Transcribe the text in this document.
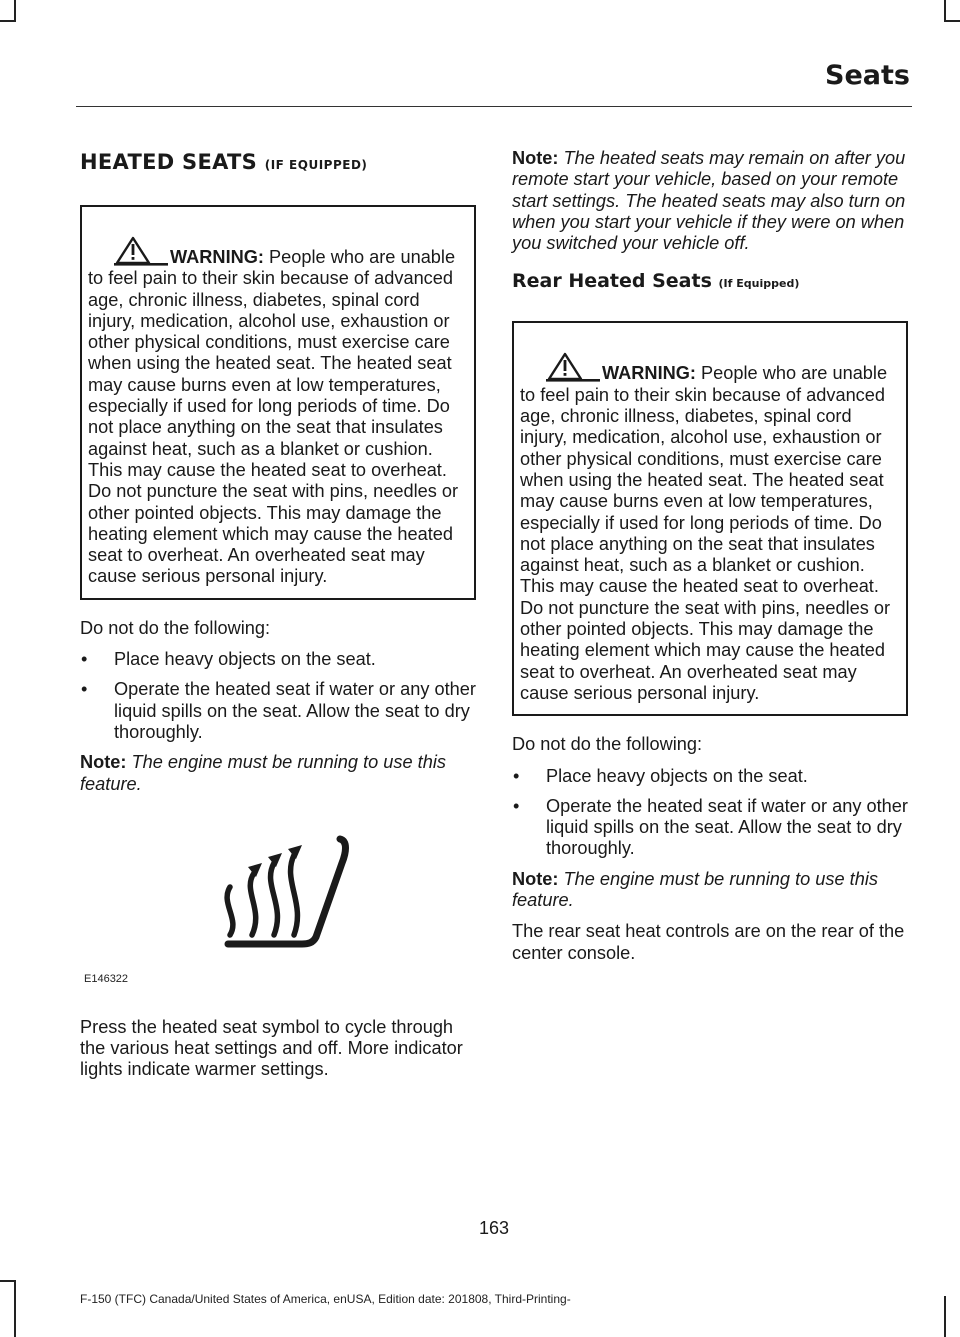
Seats
HEATED SEATS (IF EQUIPPED)
WARNING: People who are unable to feel pain to their skin because of advanced age, chronic illness, diabetes, spinal cord injury, medication, alcohol use, exhaustion or other physical conditions, must exercise care when using the heated seat. The heated seat may cause burns even at low temperatures, especially if used for long periods of time. Do not place anything on the seat that insulates against heat, such as a blanket or cushion. This may cause the heated seat to overheat. Do not puncture the seat with pins, needles or other pointed objects. This may damage the heating element which may cause the heated seat to overheat. An overheated seat may cause serious personal injury.

Do not do the following:

• Place heavy objects on the seat.
• Operate the heated seat if water or any other liquid spills on the seat. Allow the seat to dry thoroughly.

Note: The engine must be running to use this feature.

E146322

Press the heated seat symbol to cycle through the various heat settings and off. More indicator lights indicate warmer settings.

Note: The heated seats may remain on after you remote start your vehicle, based on your remote start settings. The heated seats may also turn on when you start your vehicle if they were on when you switched your vehicle off.

Rear Heated Seats (If Equipped)
WARNING: People who are unable to feel pain to their skin because of advanced age, chronic illness, diabetes, spinal cord injury, medication, alcohol use, exhaustion or other physical conditions, must exercise care when using the heated seat. The heated seat may cause burns even at low temperatures, especially if used for long periods of time. Do not place anything on the seat that insulates against heat, such as a blanket or cushion. This may cause the heated seat to overheat. Do not puncture the seat with pins, needles or other pointed objects. This may damage the heating element which may cause the heated seat to overheat. An overheated seat may cause serious personal injury.

Do not do the following:

• Place heavy objects on the seat.
• Operate the heated seat if water or any other liquid spills on the seat. Allow the seat to dry thoroughly.

Note: The engine must be running to use this feature.

The rear seat heat controls are on the rear of the center console.

163
F-150 (TFC) Canada/United States of America, enUSA, Edition date: 201808, Third-Printing-
